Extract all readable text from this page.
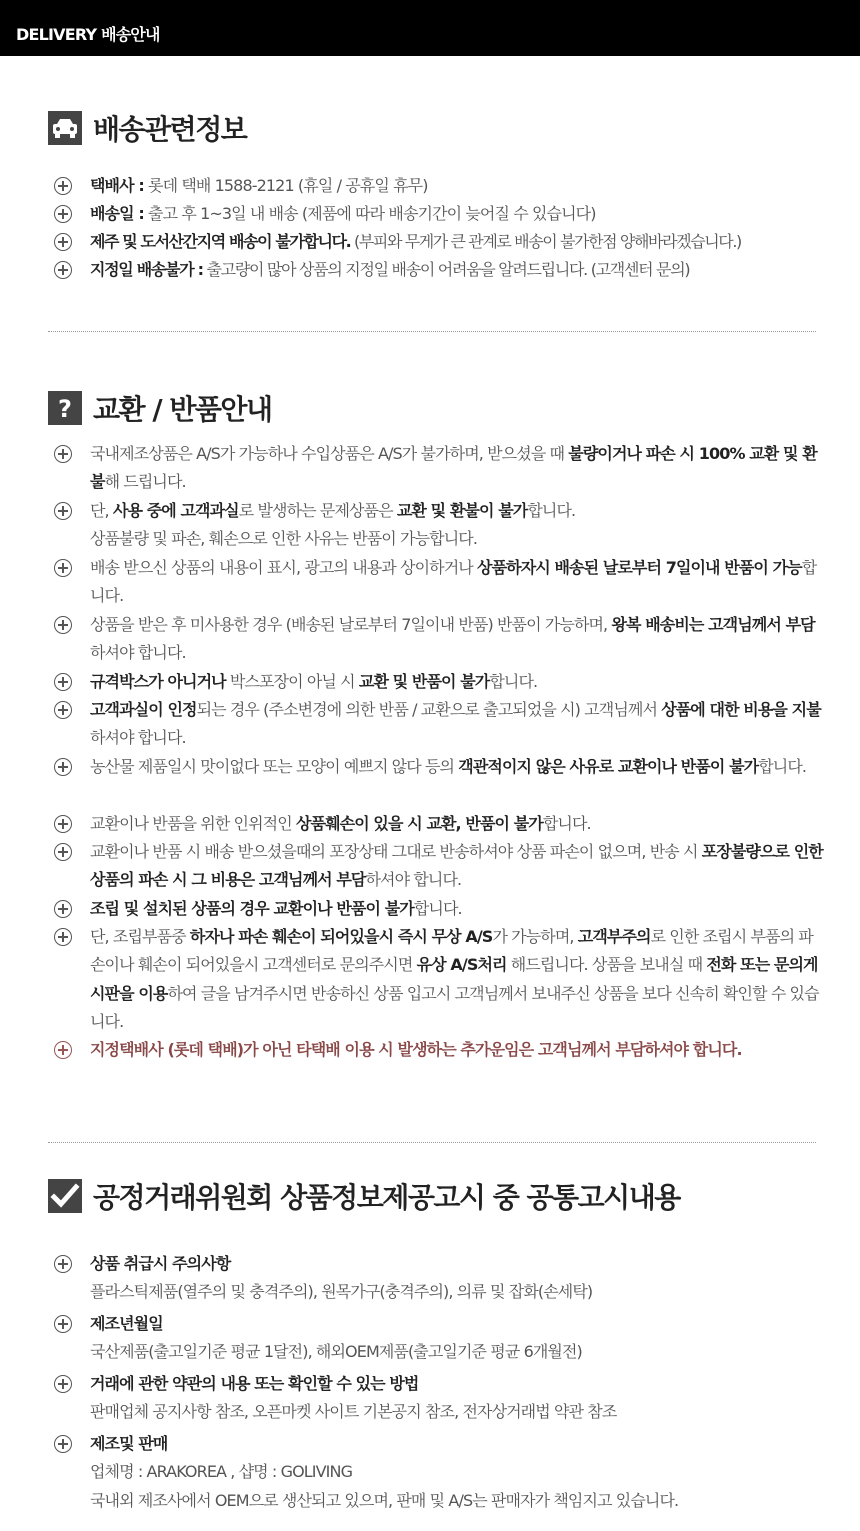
DELIVERY 배송안내
배송관련정보
택배사 : 롯데 택배 1588-2121 (휴일 / 공휴일 휴무)
배송일 : 출고 후 1~3일 내 배송 (제품에 따라 배송기간이 늦어질 수 있습니다)
제주 및 도서산간지역 배송이 불가합니다. (부피와 무게가 큰 관계로 배송이 불가한점 양해바라겠습니다.)
지정일 배송불가 : 출고량이 많아 상품의 지정일 배송이 어려움을 알려드립니다. (고객센터 문의)
? 교환 / 반품안내
국내제조상품은 A/S가 가능하나 수입상품은 A/S가 불가하며, 받으셨을 때 불량이거나 파손 시 100% 교환 및 환불해 드립니다.
단, 사용 중에 고객과실로 발생하는 문제상품은 교환 및 환불이 불가합니다.
상품불량 및 파손, 훼손으로 인한 사유는 반품이 가능합니다.
배송 받으신 상품의 내용이 표시, 광고의 내용과 상이하거나 상품하자시 배송된 날로부터 7일이내 반품이 가능합니다.
상품을 받은 후 미사용한 경우 (배송된 날로부터 7일이내 반품) 반품이 가능하며, 왕복 배송비는 고객님께서 부담하셔야 합니다.
규격박스가 아니거나 박스포장이 아닐 시 교환 및 반품이 불가합니다.
고객과실이 인정되는 경우 (주소변경에 의한 반품 / 교환으로 출고되었을 시) 고객님께서 상품에 대한 비용을 지불하셔야 합니다.
농산물 제품일시 맛이없다 또는 모양이 예쁘지 않다 등의 객관적이지 않은 사유로 교환이나 반품이 불가합니다.
교환이나 반품을 위한 인위적인 상품훼손이 있을 시 교환, 반품이 불가합니다.
교환이나 반품 시 배송 받으셨을때의 포장상태 그대로 반송하셔야 상품 파손이 없으며, 반송 시 포장불량으로 인한 상품의 파손 시 그 비용은 고객님께서 부담하셔야 합니다.
조립 및 설치된 상품의 경우 교환이나 반품이 불가합니다.
단, 조립부품중 하자나 파손 훼손이 되어있을시 즉시 무상 A/S가 가능하며, 고객부주의로 인한 조립시 부품의 파손이나 훼손이 되어있을시 고객센터로 문의주시면 유상 A/S처리 해드립니다. 상품을 보내실 때 전화 또는 문의게시판을 이용하여 글을 남겨주시면 반송하신 상품 입고시 고객님께서 보내주신 상품을 보다 신속히 확인할 수 있습니다.
지정택배사 (롯데 택배)가 아닌 타택배 이용 시 발생하는 추가운임은 고객님께서 부담하셔야 합니다.
공정거래위원회 상품정보제공고시 중 공통고시내용
상품 취급시 주의사항
플라스틱제품(열주의 및 충격주의), 원목가구(충격주의), 의류 및 잡화(손세탁)
제조년월일
국산제품(출고일기준 평균 1달전), 해외OEM제품(출고일기준 평균 6개월전)
거래에 관한 약관의 내용 또는 확인할 수 있는 방법
판매업체 공지사항 참조, 오픈마켓 사이트 기본공지 참조, 전자상거래법 약관 참조
제조및 판매
업체명 : ARAKOREA , 샵명 : GOLIVING
국내외 제조사에서 OEM으로 생산되고 있으며, 판매 및 A/S는 판매자가 책임지고 있습니다.
